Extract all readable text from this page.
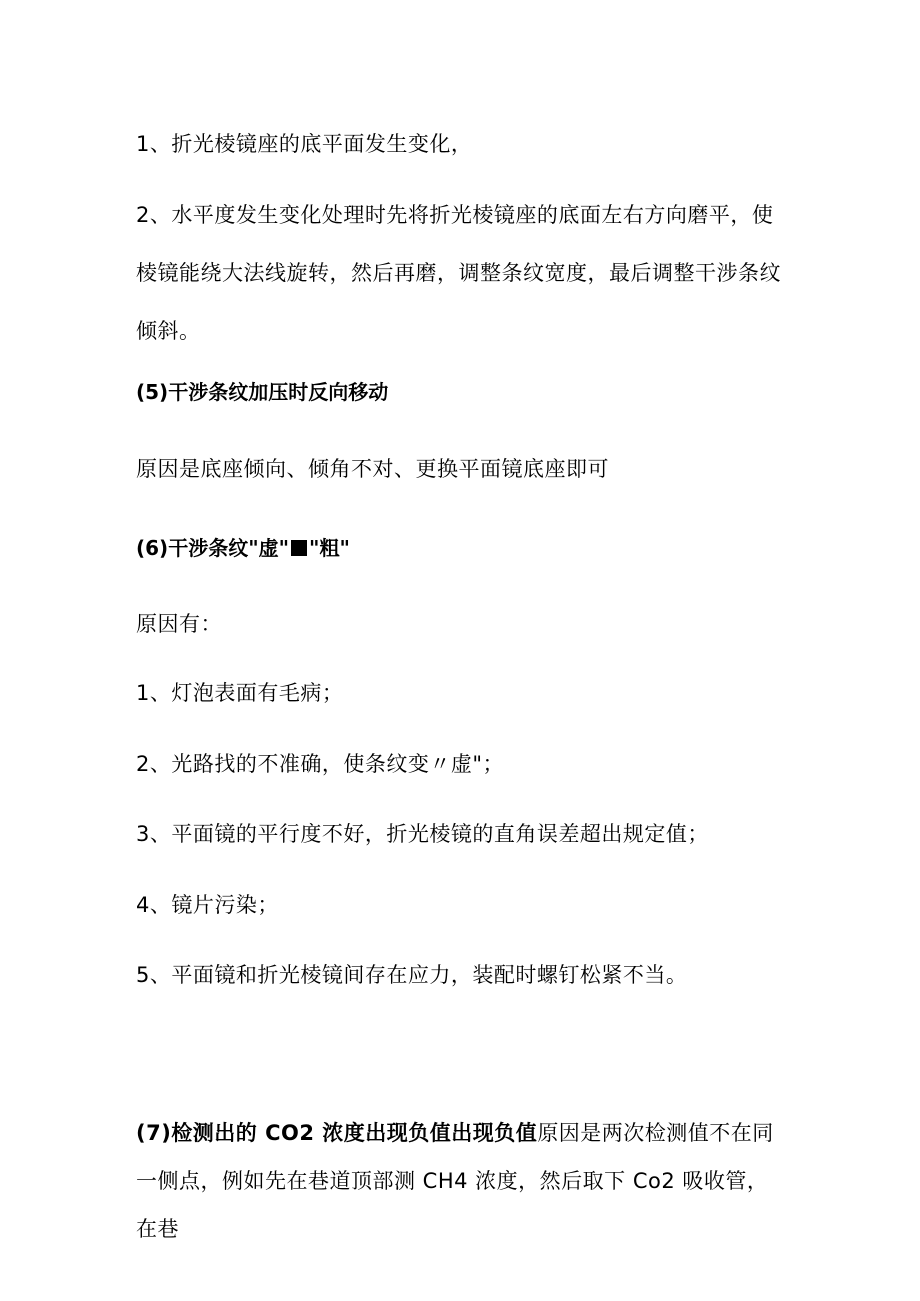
1、折光棱镜座的底平面发生变化，

2、水平度发生变化处理时先将折光棱镜座的底面左右方向磨平，使棱镜能绕大法线旋转，然后再磨，调整条纹宽度，最后调整干涉条纹倾斜。

(5)干涉条纹加压时反向移动

原因是底座倾向、倾角不对、更换平面镜底座即可

(6)干涉条纹"虚" "粗"

原因有：

1、灯泡表面有毛病；

2、光路找的不准确，使条纹变〃虚"；

3、平面镜的平行度不好，折光棱镜的直角误差超出规定值；

4、镜片污染；

5、平面镜和折光棱镜间存在应力，装配时螺钉松紧不当。

(7)检测出的 CO2 浓度出现负值出现负值原因是两次检测值不在同一侧点，例如先在巷道顶部测 CH4 浓度，然后取下 Co2 吸收管，在巷
